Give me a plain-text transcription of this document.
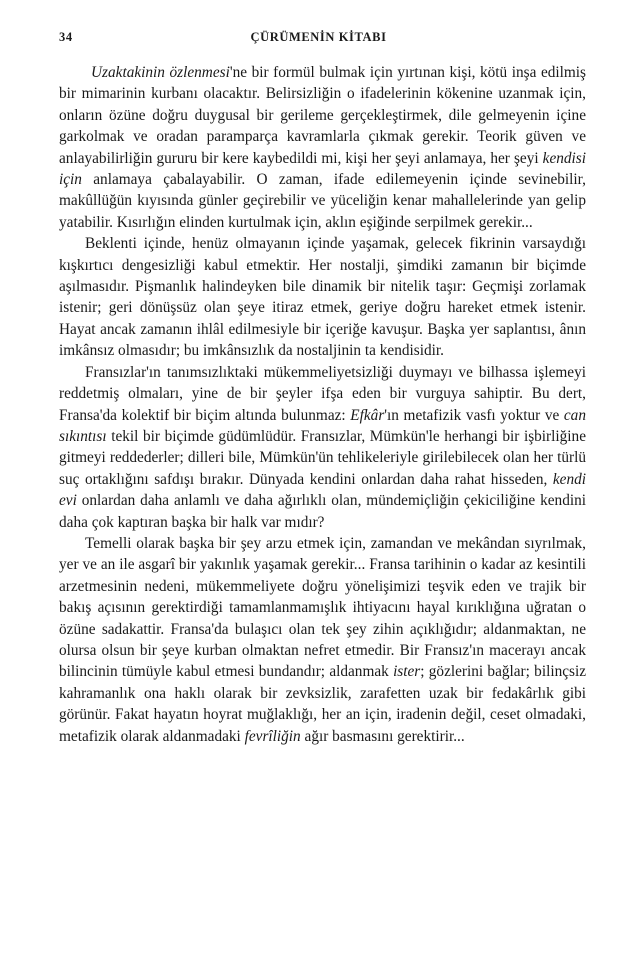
34	ÇÜRÜMENİN KİTABI

Uzaktakinin özlenmesi'ne bir formül bulmak için yırtınan kişi, kötü inşa edilmiş bir mimarinin kurbanı olacaktır. Belirsizliğin o ifadelerinin kökenine uzanmak için, onların özüne doğru duygusal bir gerileme gerçekleştirmek, dile gelmeyenin içine garkolmak ve oradan paramparça kavramlarla çıkmak gerekir. Teorik güven ve anlayabilirliğin gururu bir kere kaybedildi mi, kişi her şeyi anlamaya, her şeyi kendisi için anlamaya çabalayabilir. O zaman, ifade edilemeyenin içinde sevinebilir, makûllüğün kıyısında günler geçirebilir ve yüceliğin kenar mahallelerinde yan gelip yatabilir. Kısırlığın elinden kurtulmak için, aklın eşiğinde serpilmek gerekir...

Beklenti içinde, henüz olmayanın içinde yaşamak, gelecek fikrinin varsaydığı kışkırtıcı dengesizliği kabul etmektir. Her nostalji, şimdiki zamanın bir biçimde aşılmasıdır. Pişmanlık halindeyken bile dinamik bir nitelik taşır: Geçmişi zorlamak istenir; geri dönüşsüz olan şeye itiraz etmek, geriye doğru hareket etmek istenir. Hayat ancak zamanın ihlâl edilmesiyle bir içeriğe kavuşur. Başka yer saplantısı, ânın imkânsız olmasıdır; bu imkânsızlık da nostaljinin ta kendisidir.

Fransızlar'ın tanımsızlıktaki mükemmeliyetsizliği duymayı ve bilhassa işlemeyi reddetmiş olmaları, yine de bir şeyler ifşa eden bir vurguya sahiptir. Bu dert, Fransa'da kolektif bir biçim altında bulunmaz: Efkâr'ın metafizik vasfı yoktur ve can sıkıntısı tekil bir biçimde güdümlüdür. Fransızlar, Mümkün'le herhangi bir işbirliğine gitmeyi reddederler; dilleri bile, Mümkün'ün tehlikeleriyle girilebilecek olan her türlü suç ortaklığını safdışı bırakır. Dünyada kendini onlardan daha rahat hisseden, kendi evi onlardan daha anlamlı ve daha ağırlıklı olan, mündemiçliğin çekiciliğine kendini daha çok kaptıran başka bir halk var mıdır?

Temelli olarak başka bir şey arzu etmek için, zamandan ve mekândan sıyrılmak, yer ve an ile asgarî bir yakınlık yaşamak gerekir... Fransa tarihinin o kadar az kesintili arzetmesinin nedeni, mükemmeliyete doğru yönelişimizi teşvik eden ve trajik bir bakış açısının gerektirdiği tamamlanmamışlık ihtiyacını hayal kırıklığına uğratan o özüne sadakattir. Fransa'da bulaşıcı olan tek şey zihin açıklığıdır; aldanmaktan, ne olursa olsun bir şeye kurban olmaktan nefret etmedir. Bir Fransız'ın macerayı ancak bilincinin tümüyle kabul etmesi bundandır; aldanmak ister; gözlerini bağlar; bilinçsiz kahramanlık ona haklı olarak bir zevksizlik, zarafetten uzak bir fedakârlık gibi görünür. Fakat hayatın hoyrat muğlaklığı, her an için, iradenin değil, ceset olmadaki, metafizik olarak aldanmadaki fevrîliğin ağır basmasını gerektirir...
